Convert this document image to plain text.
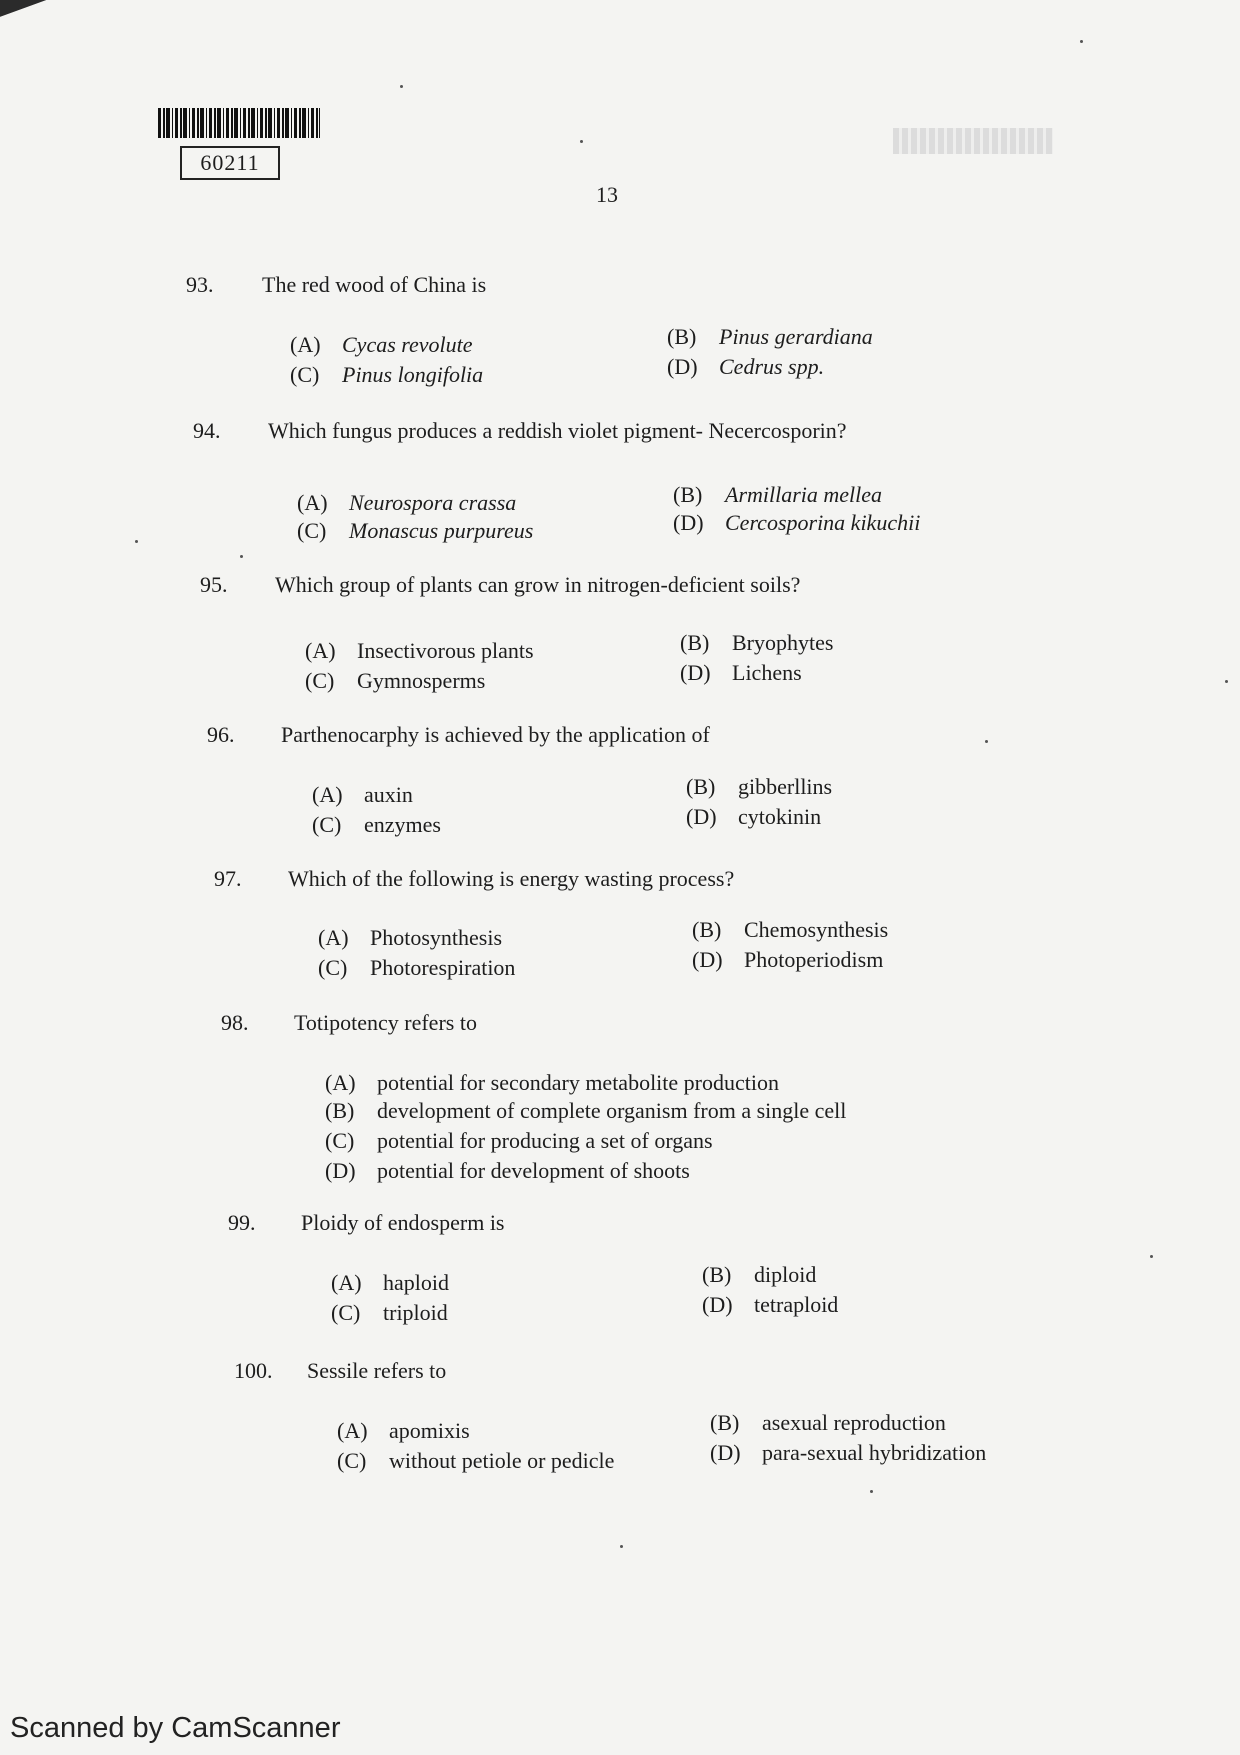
60211
13
93. The red wood of China is
(A) Cycas revolute	(B) Pinus gerardiana
(C) Pinus longifolia	(D) Cedrus spp.
94. Which fungus produces a reddish violet pigment- Necercosporin?
(A) Neurospora crassa	(B) Armillaria mellea
(C) Monascus purpureus	(D) Cercosporina kikuchii
95. Which group of plants can grow in nitrogen-deficient soils?
(A) Insectivorous plants	(B) Bryophytes
(C) Gymnosperms	(D) Lichens
96. Parthenocarphy is achieved by the application of
(A) auxin	(B) gibberllins
(C) enzymes	(D) cytokinin
97. Which of the following is energy wasting process?
(A) Photosynthesis	(B) Chemosynthesis
(C) Photorespiration	(D) Photoperiodism
98. Totipotency refers to
(A) potential for secondary metabolite production
(B) development of complete organism from a single cell
(C) potential for producing a set of organs
(D) potential for development of shoots
99. Ploidy of endosperm is
(A) haploid	(B) diploid
(C) triploid	(D) tetraploid
100. Sessile refers to
(A) apomixis	(B) asexual reproduction
(C) without petiole or pedicle	(D) para-sexual hybridization
Scanned by CamScanner
